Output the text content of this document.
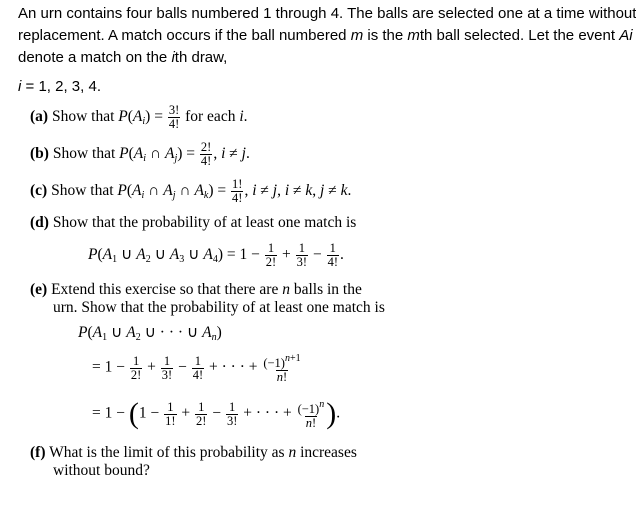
An urn contains four balls numbered 1 through 4. The balls are selected one at a time without
replacement. A match occurs if the ball numbered m is the mth ball selected. Let the event Ai
denote a match on the ith draw,
i = 1, 2, 3, 4.
(a) Show that $P(A_i) = \frac{3!}{4!}$ for each i.
(b) Show that $P(A_i$ ∩ $A_j) = \frac{2!}{4!}$ , i ≠ j.
(c) Show that $P(A_i$ ∩ $A_j$ ∩ $A_k) = \frac{1!}{4!}$ , i ≠ j, i ≠ k, j ≠ k.
(d) Show that the probability of at least one match is
$P(A_1$ ∪ $A_2$ ∪ $A_3$ ∪ $A_4) = 1 - \frac{1}{2!} + \frac{1}{3!} - \frac{1}{4!}$ .
(e) Extend this exercise so that there are n balls in the
urn. Show that the probability of at least one match is
$P(A_1$ ∪ $A_2$ ∪ · · · ∪ $A_n$)
= $1 - \frac{1}{2!} + \frac{1}{3!} - \frac{1}{4!}$ + · · · + $\frac{(-1)^{n+1}}{n!}$
= $1 - (1 - \frac{1}{1!} + \frac{1}{2!} - \frac{1}{3!}$ + · · · + $\frac{(-1)^n}{n!}$ ).
(f) What is the limit of this probability as n increases
without bound?
